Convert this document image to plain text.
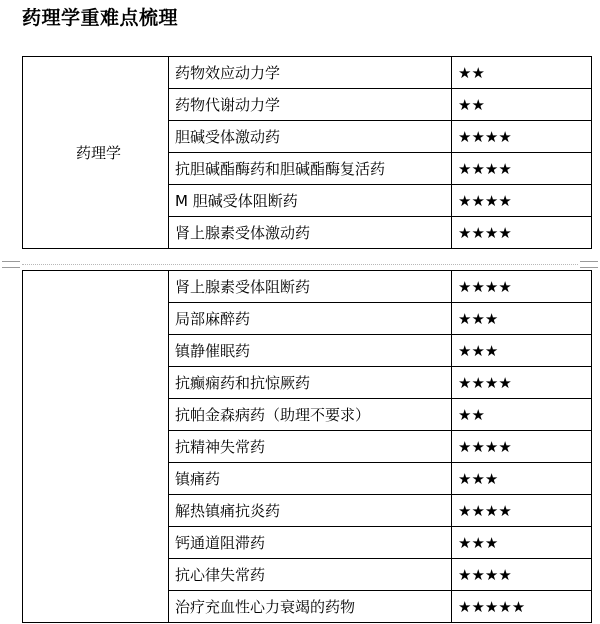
药理学重难点梳理
药理学	药物效应动力学	★★
	药物代谢动力学	★★
	胆碱受体激动药	★★★★
	抗胆碱酯酶药和胆碱酯酶复活药	★★★★
	M 胆碱受体阻断药	★★★★
	肾上腺素受体激动药	★★★★
	肾上腺素受体阻断药	★★★★
	局部麻醉药	★★★
	镇静催眠药	★★★
	抗癫痫药和抗惊厥药	★★★★
	抗帕金森病药（助理不要求）	★★
	抗精神失常药	★★★★
	镇痛药	★★★
	解热镇痛抗炎药	★★★★
	钙通道阻滞药	★★★
	抗心律失常药	★★★★
	治疗充血性心力衰竭的药物	★★★★★
